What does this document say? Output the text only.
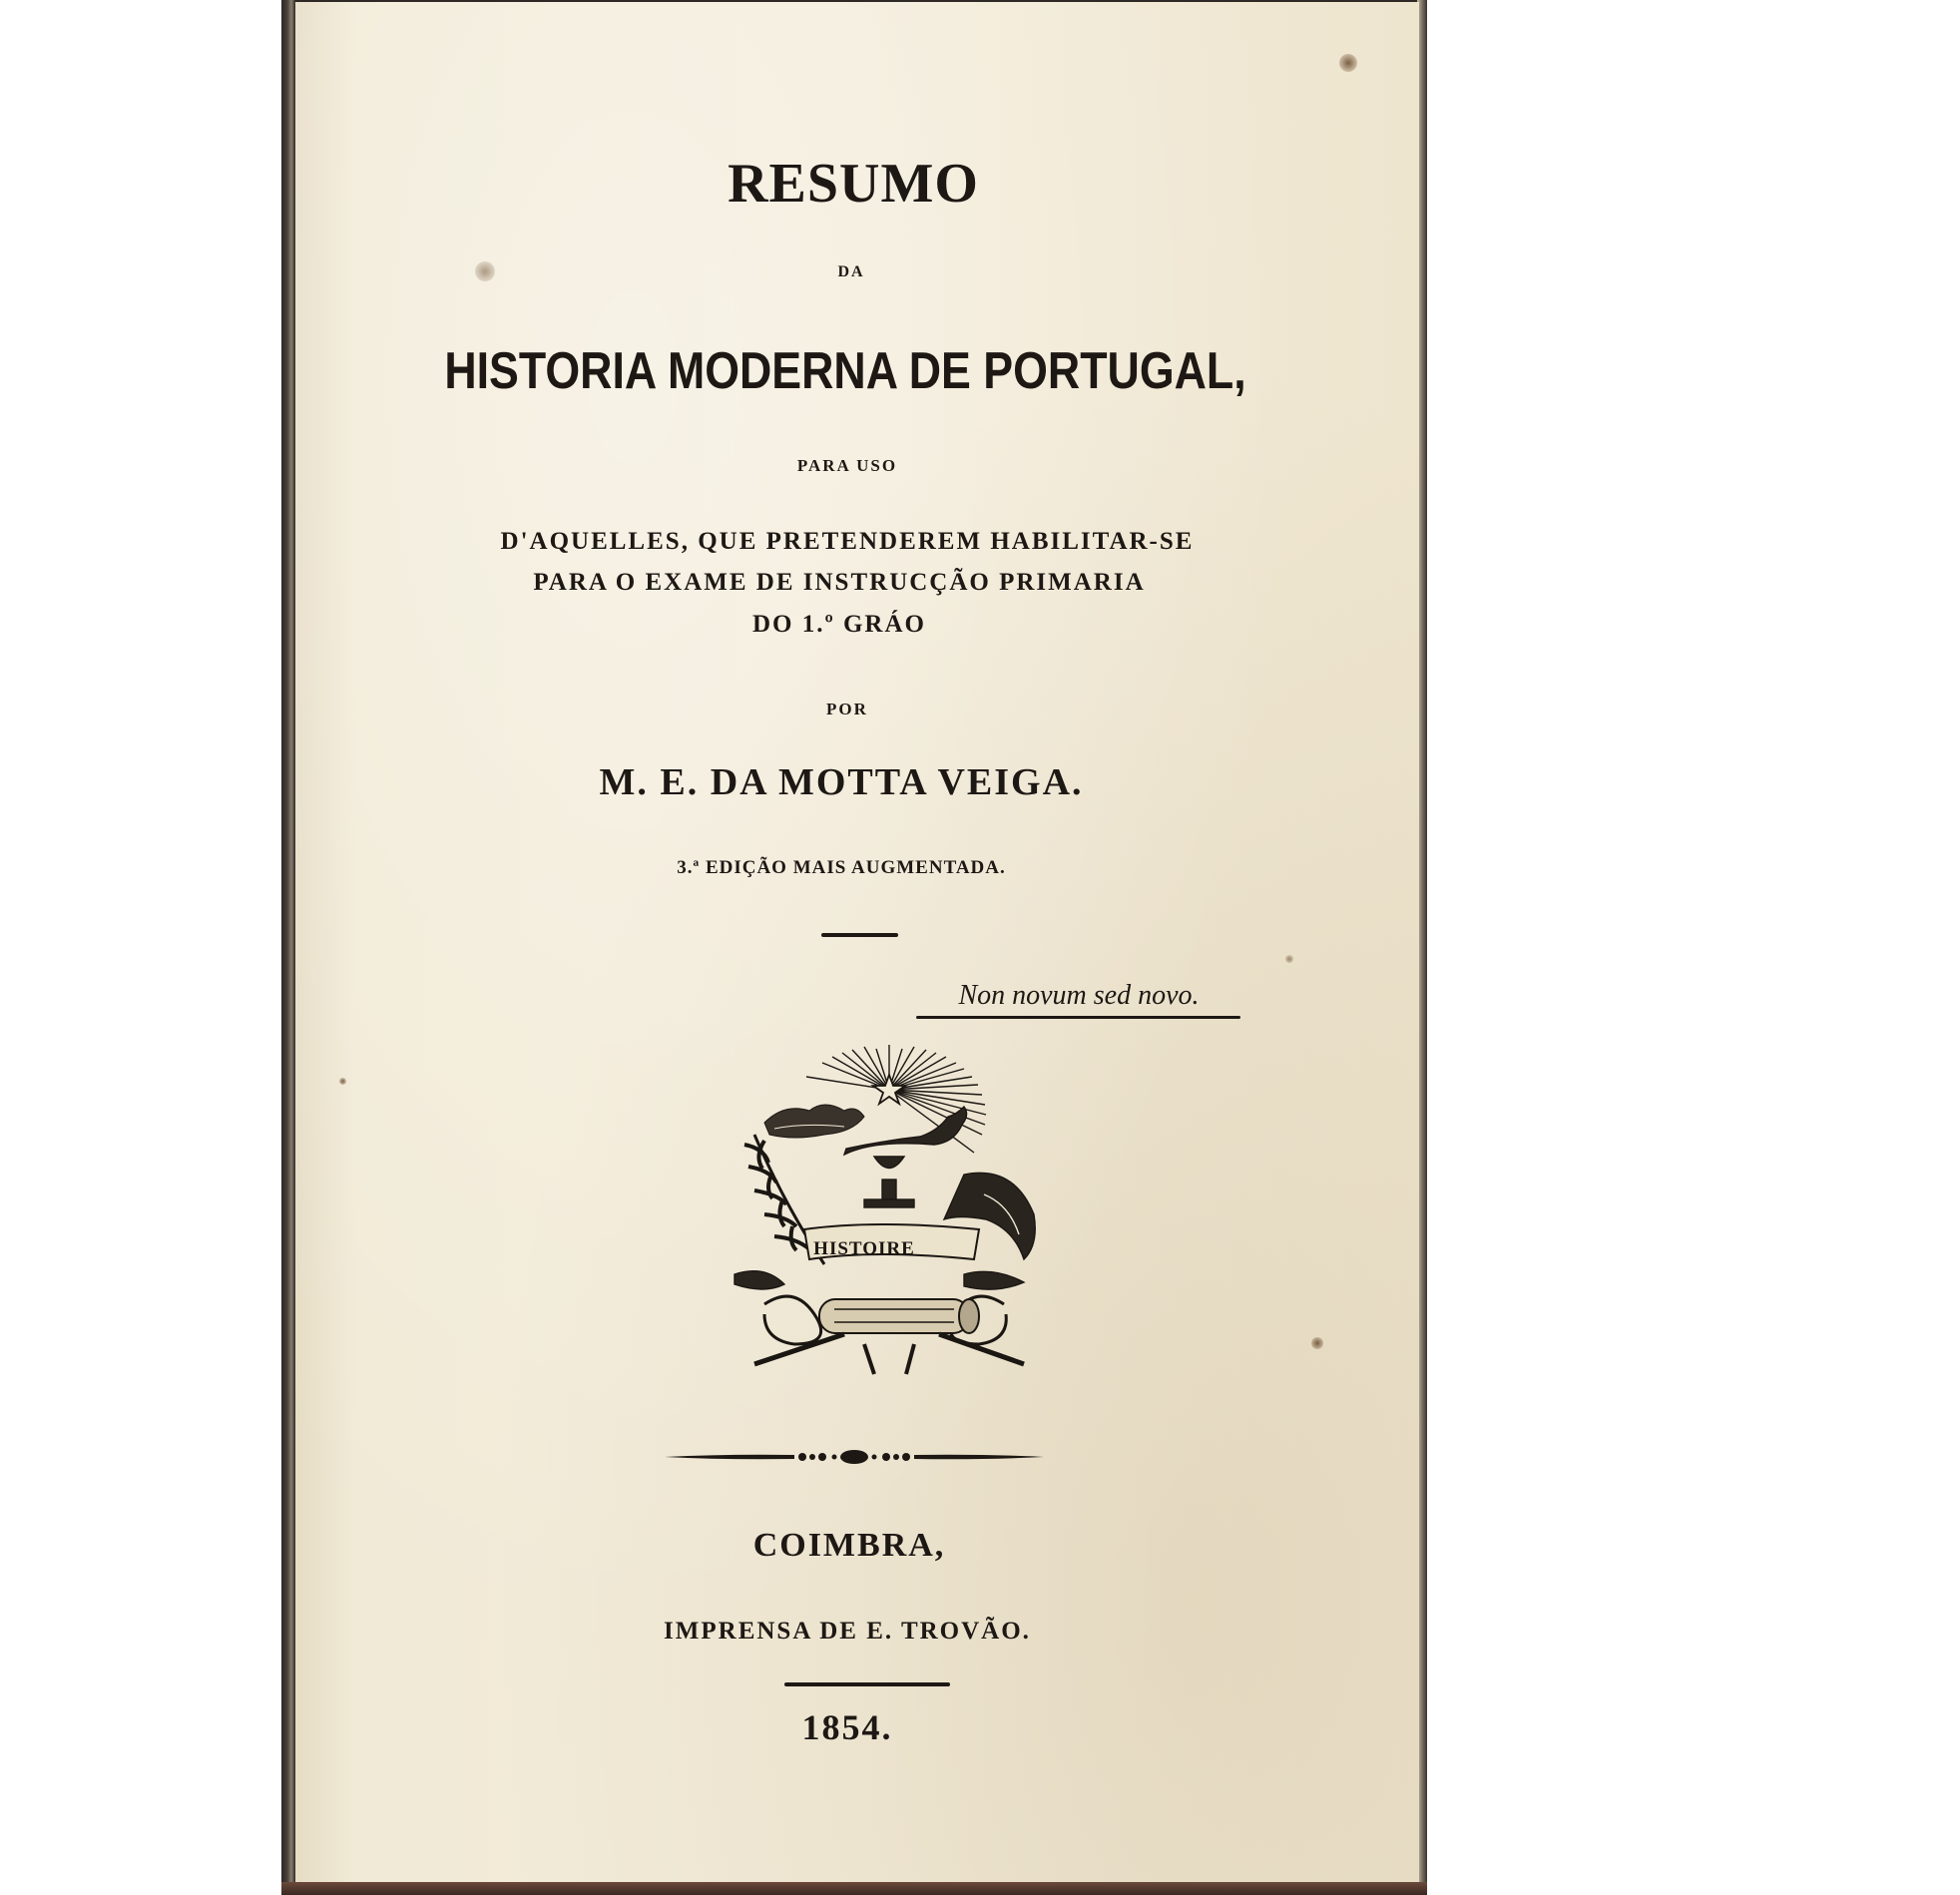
RESUMO
DA
HISTORIA MODERNA DE PORTUGAL,
PARA USO
D'AQUELLES, QUE PRETENDEREM HABILITAR-SE
PARA O EXAME DE INSTRUCÇÃO PRIMARIA
DO 1.º GRÁO
POR
M. E. DA MOTTA VEIGA.
3.ª EDIÇÃO MAIS AUGMENTADA.
Non novum sed novo.
HISTOIRE
COIMBRA,
IMPRENSA DE E. TROVÃO.
1854.
